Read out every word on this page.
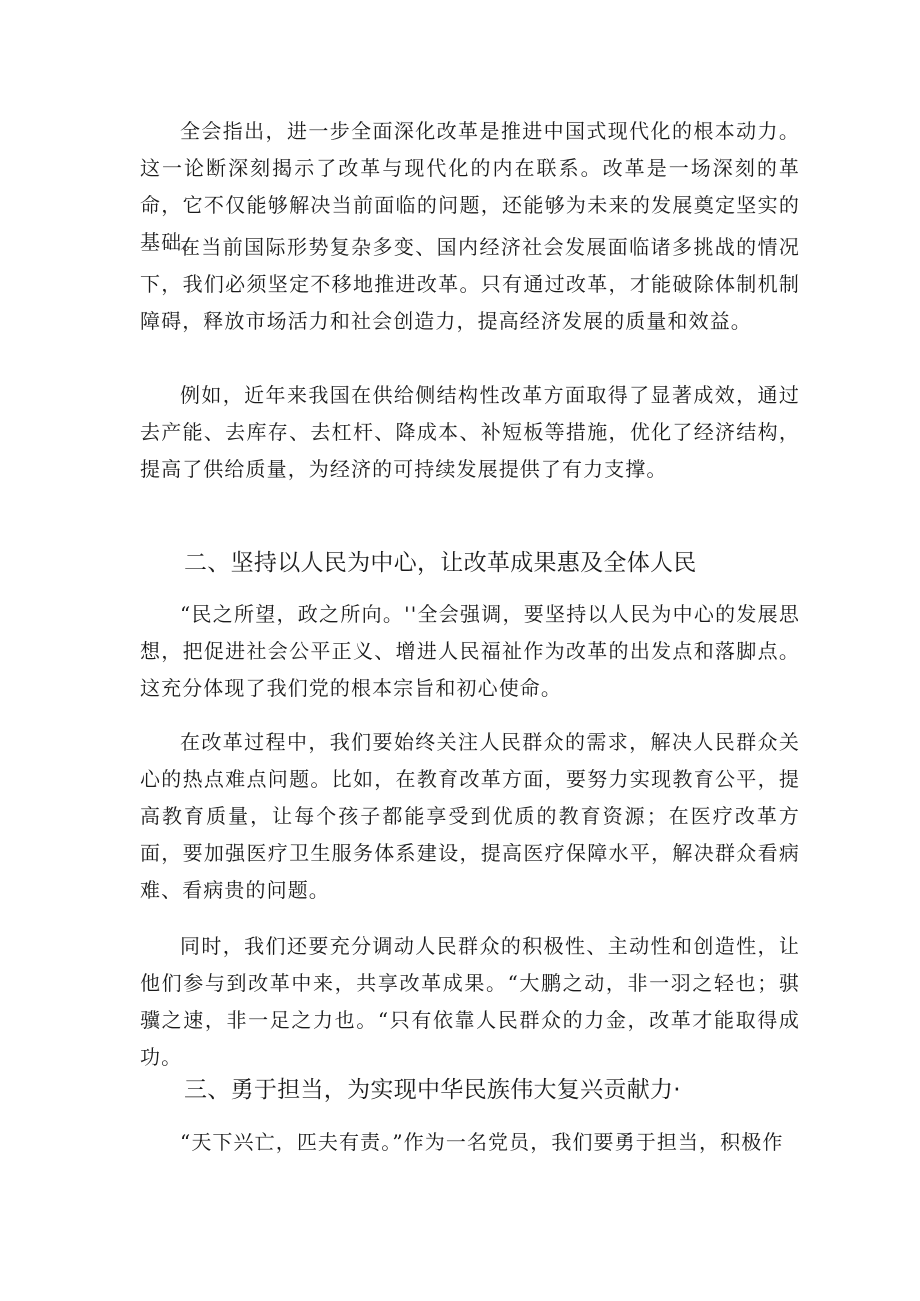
全会指出，进一步全面深化改革是推进中国式现代化的根本动力。这一论断深刻揭示了改革与现代化的内在联系。改革是一场深刻的革命，它不仅能够解决当前面临的问题，还能够为未来的发展奠定坚实的基础。

在当前国际形势复杂多变、国内经济社会发展面临诸多挑战的情况下，我们必须坚定不移地推进改革。只有通过改革，才能破除体制机制障碍，释放市场活力和社会创造力，提高经济发展的质量和效益。

例如，近年来我国在供给侧结构性改革方面取得了显著成效，通过去产能、去库存、去杠杆、降成本、补短板等措施，优化了经济结构，提高了供给质量，为经济的可持续发展提供了有力支撑。

二、坚持以人民为中心，让改革成果惠及全体人民

“民之所望，政之所向。''全会强调，要坚持以人民为中心的发展思想，把促进社会公平正义、增进人民福祉作为改革的出发点和落脚点。这充分体现了我们党的根本宗旨和初心使命。

在改革过程中，我们要始终关注人民群众的需求，解决人民群众关心的热点难点问题。比如，在教育改革方面，要努力实现教育公平，提高教育质量，让每个孩子都能享受到优质的教育资源；在医疗改革方面，要加强医疗卫生服务体系建设，提高医疗保障水平，解决群众看病难、看病贵的问题。

同时，我们还要充分调动人民群众的积极性、主动性和创造性，让他们参与到改革中来，共享改革成果。“大鹏之动，非一羽之轻也；骐骥之速，非一足之力也。“只有依靠人民群众的力金，改革才能取得成功。

三、勇于担当，为实现中华民族伟大复兴贡献力·

“天下兴亡，匹夫有责。”作为一名党员，我们要勇于担当，积极作
